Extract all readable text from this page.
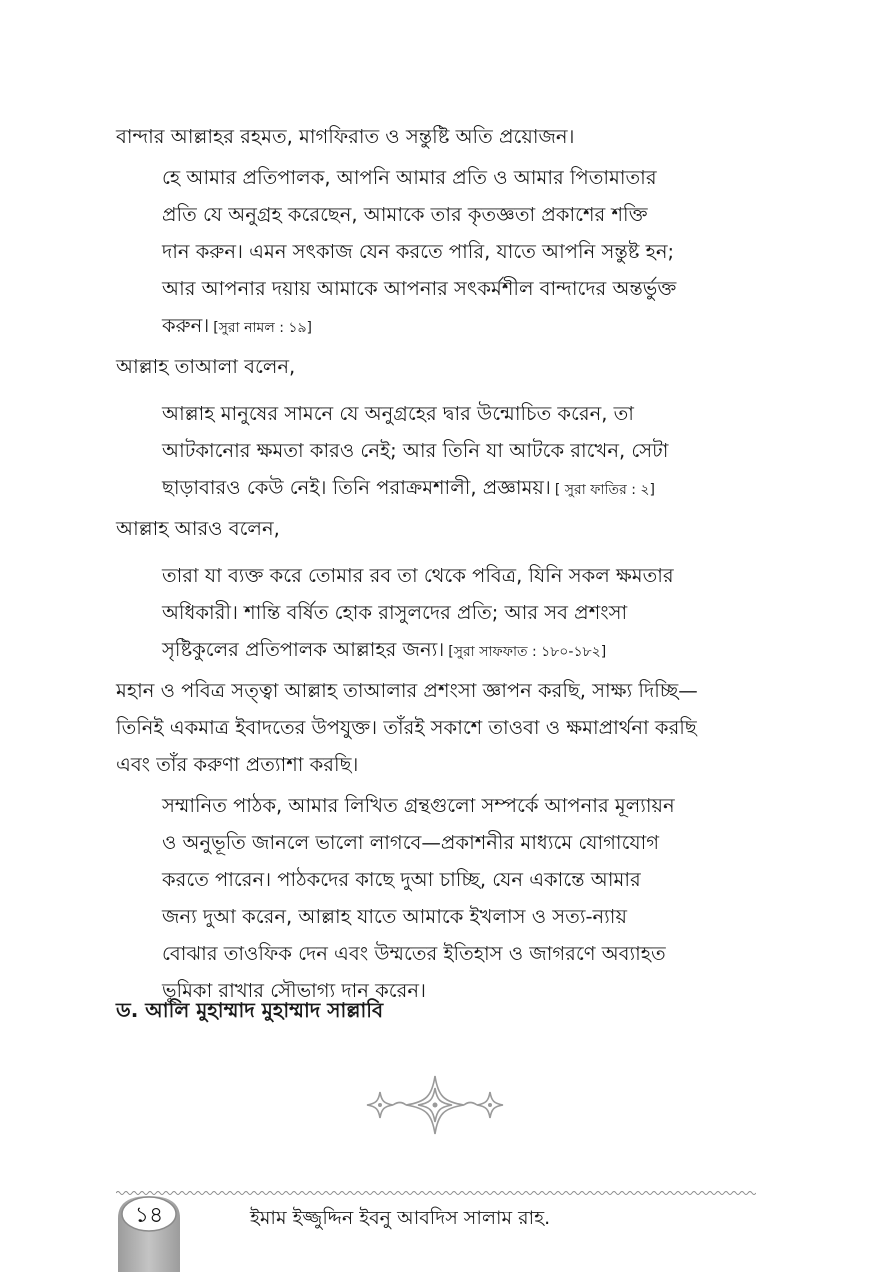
বান্দার আল্লাহর রহমত, মাগফিরাত ও সন্তুষ্টি অতি প্রয়োজন।
হে আমার প্রতিপালক, আপনি আমার প্রতি ও আমার পিতামাতার
প্রতি যে অনুগ্রহ করেছেন, আমাকে তার কৃতজ্ঞতা প্রকাশের শক্তি
দান করুন। এমন সৎকাজ যেন করতে পারি, যাতে আপনি সন্তুষ্ট হন;
আর আপনার দয়ায় আমাকে আপনার সৎকর্মশীল বান্দাদের অন্তর্ভুক্ত
করুন। [সুরা নামল : ১৯]
আল্লাহ তাআলা বলেন,
আল্লাহ মানুষের সামনে যে অনুগ্রহের দ্বার উন্মোচিত করেন, তা
আটকানোর ক্ষমতা কারও নেই; আর তিনি যা আটকে রাখেন, সেটা
ছাড়াবারও কেউ নেই। তিনি পরাক্রমশালী, প্রজ্ঞাময়। [ সুরা ফাতির : ২]
আল্লাহ আরও বলেন,
তারা যা ব্যক্ত করে তোমার রব তা থেকে পবিত্র, যিনি সকল ক্ষমতার
অধিকারী। শান্তি বর্ষিত হোক রাসুলদের প্রতি; আর সব প্রশংসা
সৃষ্টিকুলের প্রতিপালক আল্লাহর জন্য। [সুরা সাফফাত : ১৮০-১৮২]
মহান ও পবিত্র সত্ত্বা আল্লাহ তাআলার প্রশংসা জ্ঞাপন করছি, সাক্ষ্য দিচ্ছি—
তিনিই একমাত্র ইবাদতের উপযুক্ত। তাঁরই সকাশে তাওবা ও ক্ষমাপ্রার্থনা করছি
এবং তাঁর করুণা প্রত্যাশা করছি।
সম্মানিত পাঠক, আমার লিখিত গ্রন্থগুলো সম্পর্কে আপনার মূল্যায়ন
ও অনুভূতি জানলে ভালো লাগবে—প্রকাশনীর মাধ্যমে যোগাযোগ
করতে পারেন। পাঠকদের কাছে দুআ চাচ্ছি, যেন একান্তে আমার
জন্য দুআ করেন, আল্লাহ যাতে আমাকে ইখলাস ও সত্য-ন্যায়
বোঝার তাওফিক দেন এবং উম্মতের ইতিহাস ও জাগরণে অব্যাহত
ভূমিকা রাখার সৌভাগ্য দান করেন।
ড. আলি মুহাম্মাদ মুহাম্মাদ সাল্লাবি
১৪	ইমাম ইজ্জুদ্দিন ইবনু আবদিস সালাম রাহ.
